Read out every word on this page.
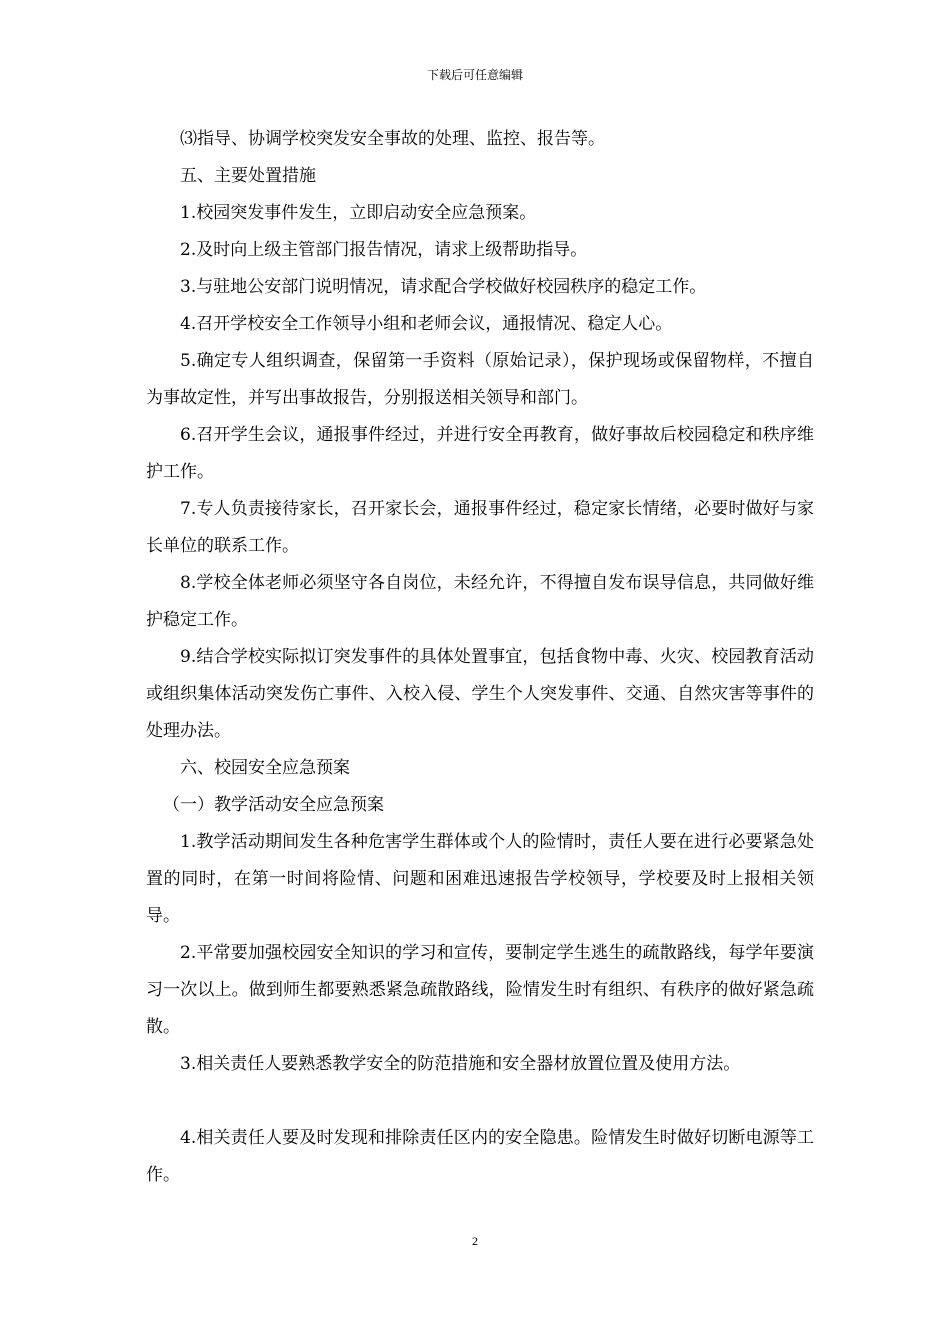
下载后可任意编辑

⑶指导、协调学校突发安全事故的处理、监控、报告等。

五、主要处置措施

1.校园突发事件发生，立即启动安全应急预案。

2.及时向上级主管部门报告情况，请求上级帮助指导。

3.与驻地公安部门说明情况，请求配合学校做好校园秩序的稳定工作。

4.召开学校安全工作领导小组和老师会议，通报情况、稳定人心。

5.确定专人组织调查，保留第一手资料（原始记录），保护现场或保留物样，不擅自为事故定性，并写出事故报告，分别报送相关领导和部门。

6.召开学生会议，通报事件经过，并进行安全再教育，做好事故后校园稳定和秩序维护工作。

7.专人负责接待家长，召开家长会，通报事件经过，稳定家长情绪，必要时做好与家长单位的联系工作。

8.学校全体老师必须坚守各自岗位，未经允许，不得擅自发布误导信息，共同做好维护稳定工作。

9.结合学校实际拟订突发事件的具体处置事宜，包括食物中毒、火灾、校园教育活动或组织集体活动突发伤亡事件、入校入侵、学生个人突发事件、交通、自然灾害等事件的处理办法。

六、校园安全应急预案

（一）教学活动安全应急预案

1.教学活动期间发生各种危害学生群体或个人的险情时，责任人要在进行必要紧急处置的同时，在第一时间将险情、问题和困难迅速报告学校领导，学校要及时上报相关领导。

2.平常要加强校园安全知识的学习和宣传，要制定学生逃生的疏散路线，每学年要演习一次以上。做到师生都要熟悉紧急疏散路线，险情发生时有组织、有秩序的做好紧急疏散。

3.相关责任人要熟悉教学安全的防范措施和安全器材放置位置及使用方法。

4.相关责任人要及时发现和排除责任区内的安全隐患。险情发生时做好切断电源等工作。

2
